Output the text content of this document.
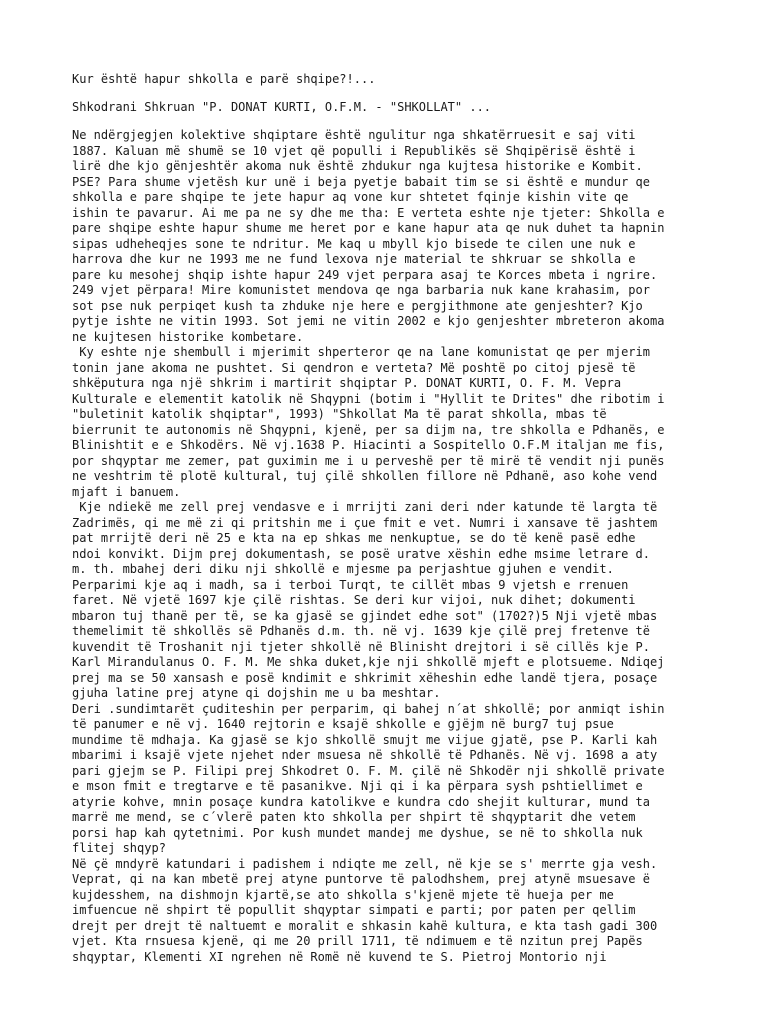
Kur është hapur shkolla e parë shqipe?!...
Shkodrani Shkruan "P. DONAT KURTI, O.F.M. - "SHKOLLAT" ...
Ne ndërgjegjen kolektive shqiptare është ngulitur nga shkatërruesit e saj viti
1887. Kaluan më shumë se 10 vjet që populli i Republikës së Shqipërisë është i
lirë dhe kjo gënjeshtër akoma nuk është zhdukur nga kujtesa historike e Kombit.
PSE? Para shume vjetësh kur unë i beja pyetje babait tim se si është e mundur qe
shkolla e pare shqipe te jete hapur aq vone kur shtetet fqinje kishin vite qe
ishin te pavarur. Ai me pa ne sy dhe me tha: E verteta eshte nje tjeter: Shkolla e
pare shqipe eshte hapur shume me heret por e kane hapur ata qe nuk duhet ta hapnin
sipas udheheqjes sone te ndritur. Me kaq u mbyll kjo bisede te cilen une nuk e
harrova dhe kur ne 1993 me ne fund lexova nje material te shkruar se shkolla e
pare ku mesohej shqip ishte hapur 249 vjet perpara asaj te Korces mbeta i ngrire.
249 vjet përpara! Mire komunistet mendova qe nga barbaria nuk kane krahasim, por
sot pse nuk perpiqet kush ta zhduke nje here e pergjithmone ate genjeshter? Kjo
pytje ishte ne vitin 1993. Sot jemi ne vitin 2002 e kjo genjeshter mbreteron akoma
ne kujtesen historike kombetare.
Ky eshte nje shembull i mjerimit shperteror qe na lane komunistat qe per mjerim
tonin jane akoma ne pushtet. Si qendron e verteta? Më poshtë po citoj pjesë të
shkëputura nga një shkrim i martirit shqiptar P. DONAT KURTI, O. F. M. Vepra
Kulturale e elementit katolik në Shqypni (botim i "Hyllit te Drites" dhe ribotim i
"buletinit katolik shqiptar", 1993) "Shkollat Ma të parat shkolla, mbas të
bierrunit te autonomis në Shqypni, kjenë, per sa dijm na, tre shkolla e Pdhanës, e
Blinishtit e e Shkodërs. Në vj.1638 P. Hiacinti a Sospitello O.F.M italjan me fis,
por shqyptar me zemer, pat guximin me i u perveshë per të mirë të vendit nji punës
ne veshtrim të plotë kultural, tuj çilë shkollen fillore në Pdhanë, aso kohe vend
mjaft i banuem.
Kje ndiekë me zell prej vendasve e i mrrijti zani deri nder katunde të largta të
Zadrimës, qi me më zi qi pritshin me i çue fmit e vet. Numri i xansave të jashtem
pat mrrijtë deri në 25 e kta na ep shkas me nenkuptue, se do të kenë pasë edhe
ndoi konvikt. Dijm prej dokumentash, se posë uratve xëshin edhe msime letrare d.
m. th. mbahej deri diku nji shkollë e mjesme pa perjashtue gjuhen e vendit.
Perparimi kje aq i madh, sa i terboi Turqt, te cillët mbas 9 vjetsh e rrenuen
faret. Në vjetë 1697 kje çilë rishtas. Se deri kur vijoi, nuk dihet; dokumenti
mbaron tuj thanë per të, se ka gjasë se gjindet edhe sot" (1702?)5 Nji vjetë mbas
themelimit të shkollës së Pdhanës d.m. th. në vj. 1639 kje çilë prej fretenve të
kuvendit të Troshanit nji tjeter shkollë në Blinisht drejtori i së cillës kje P.
Karl Mirandulanus O. F. M. Me shka duket,kje nji shkollë mjeft e plotsueme. Ndiqej
prej ma se 50 xansash e posë kndimit e shkrimit xëheshin edhe landë tjera, posaçe
gjuha latine prej atyne qi dojshin me u ba meshtar.
Deri .sundimtarët çuditeshin per perparim, qi bahej n´at shkollë; por anmiqt ishin
të panumer e në vj. 1640 rejtorin e ksajë shkolle e gjëjm në burg7 tuj psue
mundime të mdhaja. Ka gjasë se kjo shkollë smujt me vijue gjatë, pse P. Karli kah
mbarimi i ksajë vjete njehet nder msuesa në shkollë të Pdhanës. Në vj. 1698 a aty
pari gjejm se P. Filipi prej Shkodret O. F. M. çilë në Shkodër nji shkollë private
e mson fmit e tregtarve e të pasanikve. Nji qi i ka përpara sysh pshtiellimet e
atyrie kohve, mnin posaçe kundra katolikve e kundra cdo shejit kulturar, mund ta
marrë me mend, se c´vlerë paten kto shkolla per shpirt të shqyptarit dhe vetem
porsi hap kah qytetnimi. Por kush mundet mandej me dyshue, se në to shkolla nuk
flitej shqyp?
Në çë mndyrë katundari i padishem i ndiqte me zell, në kje se s' merrte gja vesh.
Veprat, qi na kan mbetë prej atyne puntorve të palodhshem, prej atynë msuesave ë
kujdesshem, na dishmojn kjartë,se ato shkolla s'kjenë mjete të hueja per me
imfuencue në shpirt të popullit shqyptar simpati e parti; por paten per qellim
drejt per drejt të naltuemt e moralit e shkasin kahë kultura, e kta tash gadi 300
vjet. Kta rnsuesa kjenë, qi me 20 prill 1711, të ndimuem e të nzitun prej Papës
shqyptar, Klementi XI ngrehen në Romë në kuvend te S. Pietroj Montorio nji
